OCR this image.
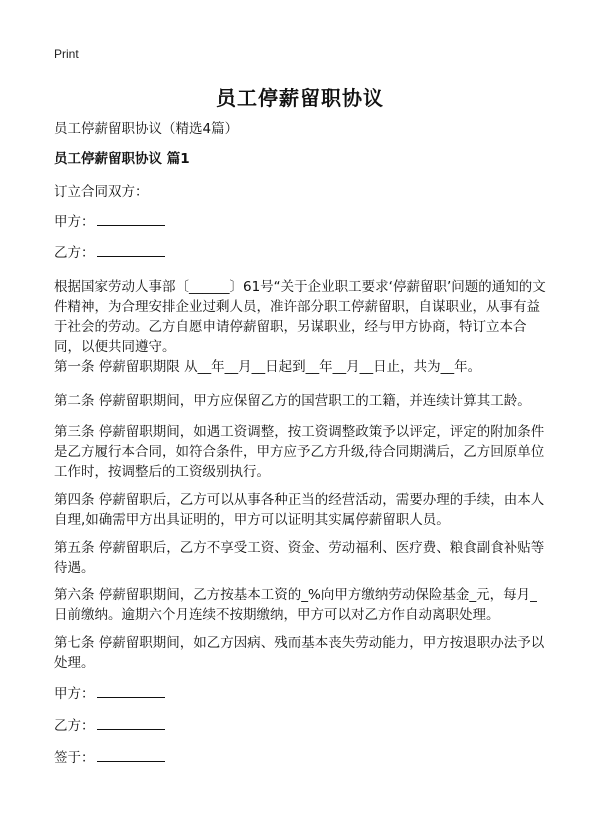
Print
员工停薪留职协议

员工停薪留职协议（精选4篇）

员工停薪留职协议 篇1

订立合同双方：

甲方：
乙方：

根据国家劳动人事部〔______〕61号“关于企业职工要求‘停薪留职’问题的通知的文件精神，为合理安排企业过剩人员，准许部分职工停薪留职，自谋职业，从事有益于社会的劳动。乙方自愿申请停薪留职，另谋职业，经与甲方协商，特订立本合同，以便共同遵守。

第一条 停薪留职期限 从__年__月__日起到__年__月__日止，共为__年。

第二条 停薪留职期间，甲方应保留乙方的国营职工的工籍，并连续计算其工龄。

第三条 停薪留职期间，如遇工资调整，按工资调整政策予以评定，评定的附加条件是乙方履行本合同，如符合条件，甲方应予乙方升级,待合同期满后，乙方回原单位工作时，按调整后的工资级别执行。

第四条 停薪留职后，乙方可以从事各种正当的经营活动，需要办理的手续，由本人自理,如确需甲方出具证明的，甲方可以证明其实属停薪留职人员。

第五条 停薪留职后，乙方不享受工资、资金、劳动福利、医疗费、粮食副食补贴等待遇。

第六条 停薪留职期间，乙方按基本工资的_%向甲方缴纳劳动保险基金_元，每月_日前缴纳。逾期六个月连续不按期缴纳，甲方可以对乙方作自动离职处理。

第七条 停薪留职期间，如乙方因病、残而基本丧失劳动能力，甲方按退职办法予以处理。

甲方：
乙方：
签于：
